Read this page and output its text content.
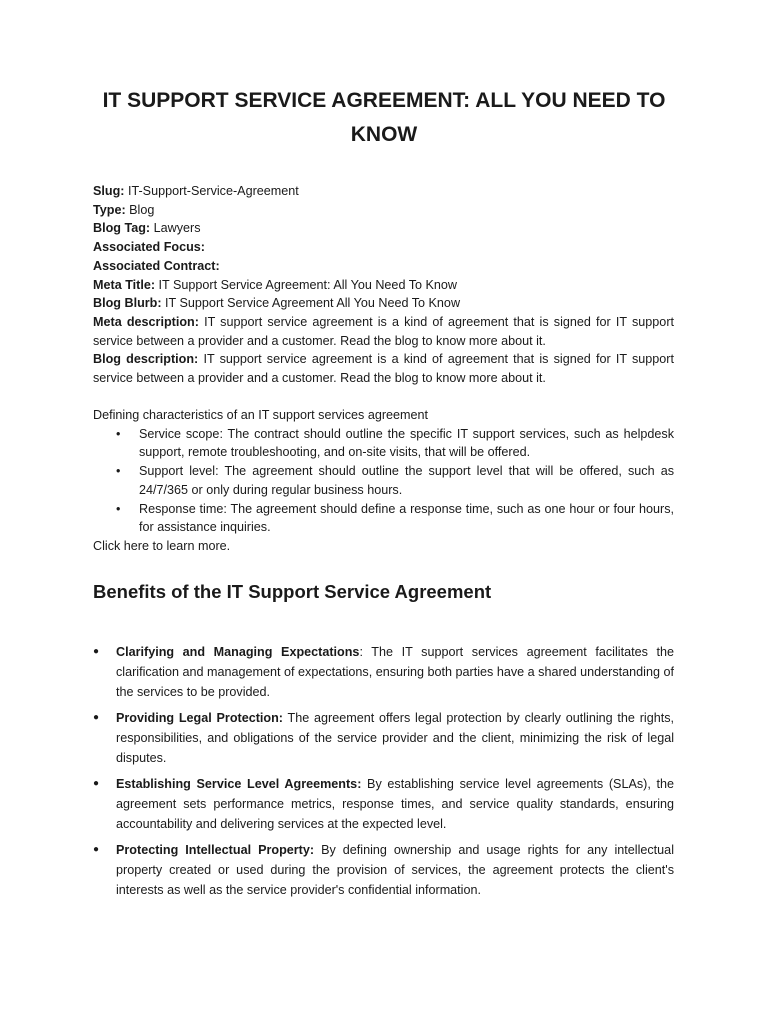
IT SUPPORT SERVICE AGREEMENT: ALL YOU NEED TO KNOW

Slug: IT-Support-Service-Agreement

Type: Blog

Blog Tag: Lawyers

Associated Focus:

Associated Contract:

Meta Title: IT Support Service Agreement: All You Need To Know

Blog Blurb: IT Support Service Agreement All You Need To Know

Meta description: IT support service agreement is a kind of agreement that is signed for IT support service between a provider and a customer. Read the blog to know more about it.

Blog description: IT support service agreement is a kind of agreement that is signed for IT support service between a provider and a customer. Read the blog to know more about it.

Defining characteristics of an IT support services agreement

• Service scope: The contract should outline the specific IT support services, such as helpdesk support, remote troubleshooting, and on-site visits, that will be offered.
• Support level: The agreement should outline the support level that will be offered, such as 24/7/365 or only during regular business hours.
• Response time: The agreement should define a response time, such as one hour or four hours, for assistance inquiries.

Click here to learn more.

Benefits of the IT Support Service Agreement
● Clarifying and Managing Expectations: The IT support services agreement facilitates the clarification and management of expectations, ensuring both parties have a shared understanding of the services to be provided.
● Providing Legal Protection: The agreement offers legal protection by clearly outlining the rights, responsibilities, and obligations of the service provider and the client, minimizing the risk of legal disputes.
● Establishing Service Level Agreements: By establishing service level agreements (SLAs), the agreement sets performance metrics, response times, and service quality standards, ensuring accountability and delivering services at the expected level.
● Protecting Intellectual Property: By defining ownership and usage rights for any intellectual property created or used during the provision of services, the agreement protects the client's interests as well as the service provider's confidential information.
